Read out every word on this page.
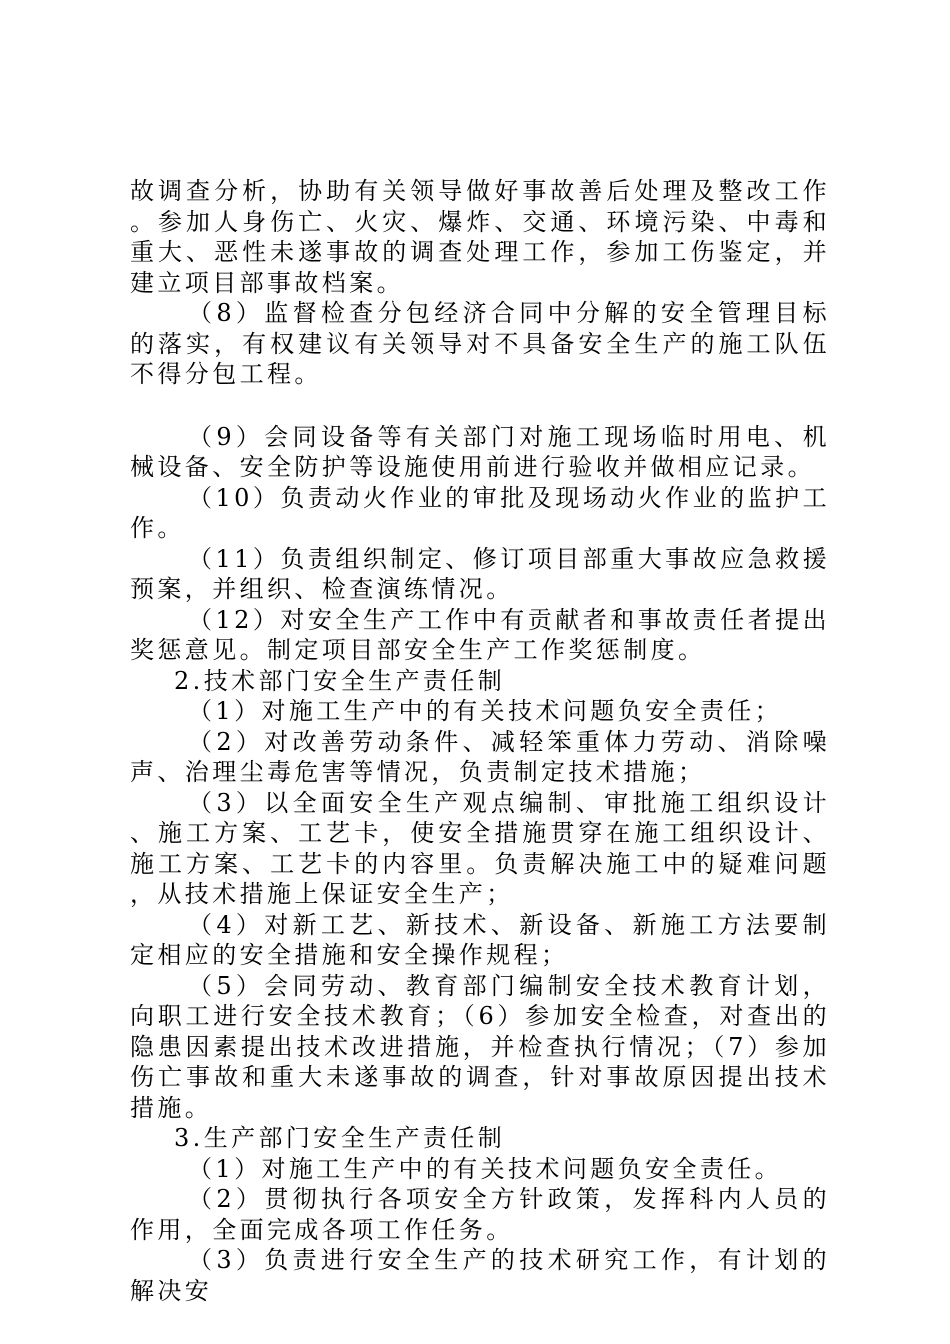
故调查分析，协助有关领导做好事故善后处理及整改工作。参加人身伤亡、火灾、爆炸、交通、环境污染、中毒和重大、恶性未遂事故的调查处理工作，参加工伤鉴定，并建立项目部事故档案。

（8）监督检查分包经济合同中分解的安全管理目标的落实，有权建议有关领导对不具备安全生产的施工队伍不得分包工程。

（9）会同设备等有关部门对施工现场临时用电、机械设备、安全防护等设施使用前进行验收并做相应记录。

（10）负责动火作业的审批及现场动火作业的监护工作。

（11）负责组织制定、修订项目部重大事故应急救援预案，并组织、检查演练情况。

（12）对安全生产工作中有贡献者和事故责任者提出奖惩意见。制定项目部安全生产工作奖惩制度。

2.技术部门安全生产责任制

（1）对施工生产中的有关技术问题负安全责任；

（2）对改善劳动条件、减轻笨重体力劳动、消除噪声、治理尘毒危害等情况，负责制定技术措施；

（3）以全面安全生产观点编制、审批施工组织设计、施工方案、工艺卡，使安全措施贯穿在施工组织设计、施工方案、工艺卡的内容里。负责解决施工中的疑难问题，从技术措施上保证安全生产；

（4）对新工艺、新技术、新设备、新施工方法要制定相应的安全措施和安全操作规程；

（5）会同劳动、教育部门编制安全技术教育计划，向职工进行安全技术教育；（6）参加安全检查，对查出的隐患因素提出技术改进措施，并检查执行情况；（7）参加伤亡事故和重大未遂事故的调查，针对事故原因提出技术措施。

3.生产部门安全生产责任制

（1）对施工生产中的有关技术问题负安全责任。

（2）贯彻执行各项安全方针政策，发挥科内人员的作用，全面完成各项工作任务。

（3）负责进行安全生产的技术研究工作，有计划的解决安
